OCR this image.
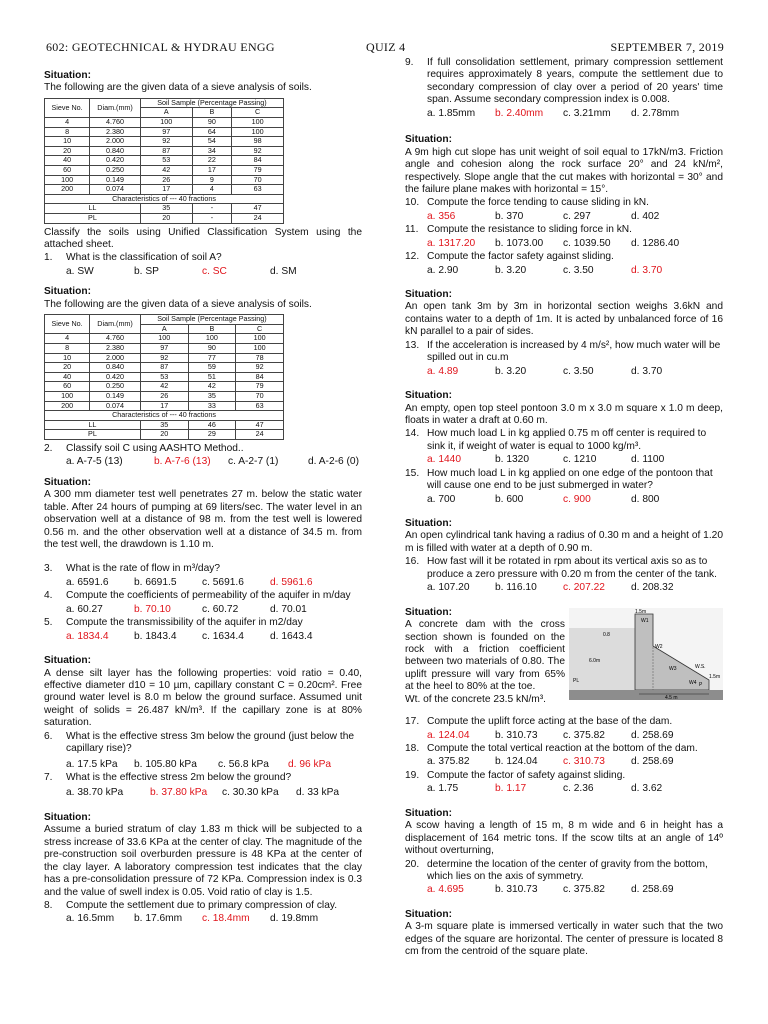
602: GEOTECHNICAL & HYDRAU ENGG	QUIZ 4	SEPTEMBER 7, 2019
Situation:
The following are the given data of a sieve analysis of soils.
Sieve No.	Diam.(mm)	Soil Sample (Percentage Passing)		
		A	B	C
4	4.760	100	90	100
8	2.380	97	64	100
10	2.000	92	54	98
20	0.840	87	34	92
40	0.420	53	22	84
60	0.250	42	17	79
100	0.149	26	9	70
200	0.074	17	4	63
Characteristics of --- 40 fractions				
LL		35	-	47
PL		20	-	24
Classify the soils using Unified Classification System using the attached sheet.
1.	What is the classification of soil A?
a. SW	b. SP	c. SC	d. SM
Situation:
The following are the given data of a sieve analysis of soils.
Sieve No.	Diam.(mm)	Soil Sample (Percentage Passing)		
		A	B	C
4	4.760	100	100	100
8	2.380	97	90	100
10	2.000	92	77	78
20	0.840	87	59	92
40	0.420	53	51	84
60	0.250	42	42	79
100	0.149	26	35	70
200	0.074	17	33	63
Characteristics of --- 40 fractions				
LL		35	46	47
PL		20	29	24
2.	Classify soil C using AASHTO Method..
a. A-7-5 (13)	b. A-7-6 (13)	c. A-2-7 (1)	d. A-2-6 (0)
Situation:
A 300 mm diameter test well penetrates 27 m. below the static water table. After 24 hours of pumping at 69 liters/sec. The water level in an observation well at a distance of 98 m. from the test well is lowered 0.56 m. and the other observation well at a distance of 34.5 m. from the test well, the drawdown is 1.10 m.
3.	What is the rate of flow in m³/day?
a. 6591.6	b. 6691.5	c. 5691.6	d. 5961.6
4.	Compute the coefficients of permeability of the aquifer in m/day
a. 60.27	b. 70.10	c. 60.72	d. 70.01
5.	Compute the transmissibility of the aquifer in m2/day
a. 1834.4	b. 1843.4	c. 1634.4	d. 1643.4
Situation:
A dense silt layer has the following properties: void ratio = 0.40, effective diameter d10 = 10 µm, capillary constant C = 0.20cm². Free ground water level is 8.0 m below the ground surface. Assumed unit weight of solids = 26.487 kN/m³. If the capillary zone is at 80% saturation.
6.	What is the effective stress 3m below the ground (just below the capillary rise)?
a. 17.5 kPa	b. 105.80 kPa	c. 56.8 kPa	d. 96 kPa
7.	What is the effective stress 2m below the ground?
a. 38.70 kPa	b. 37.80 kPa	c. 30.30 kPa	d. 33 kPa
Situation:
Assume a buried stratum of clay 1.83 m thick will be subjected to a stress increase of 33.6 KPa at the center of clay. The magnitude of the pre-construction soil overburden pressure is 48 KPa at the center of the clay layer. A laboratory compression test indicates that the clay has a pre-consolidation pressure of 72 KPa. Compression index is 0.3 and the value of swell index is 0.05. Void ratio of clay is 1.5.
8.	Compute the settlement due to primary compression of clay.
a. 16.5mm	b. 17.6mm	c. 18.4mm	d. 19.8mm
9.	If full consolidation settlement, primary compression settlement requires approximately 8 years, compute the settlement due to secondary compression of clay over a period of 20 years' time span. Assume secondary compression index is 0.008.
a. 1.85mm	b. 2.40mm	c. 3.21mm	d. 2.78mm
Situation:
A 9m high cut slope has unit weight of soil equal to 17kN/m3. Friction angle and cohesion along the rock surface 20° and 24 kN/m², respectively. Slope angle that the cut makes with horizontal = 30° and the failure plane makes with horizontal = 15°.
10. Compute the force tending to cause sliding in kN.
a. 356	b. 370	c. 297	d. 402
11. Compute the resistance to sliding force in kN.
a. 1317.20	b. 1073.00	c. 1039.50	d. 1286.40
12. Compute the factor safety against sliding.
a. 2.90	b. 3.20	c. 3.50	d. 3.70
Situation:
An open tank 3m by 3m in horizontal section weighs 3.6kN and contains water to a depth of 1m. It is acted by unbalanced force of 16 kN parallel to a pair of sides.
13. If the acceleration is increased by 4 m/s², how much water will be spilled out in cu.m
a. 4.89	b. 3.20	c. 3.50	d. 3.70
Situation:
An empty, open top steel pontoon 3.0 m x 3.0 m square x 1.0 m deep, floats in water a draft at 0.60 m.
14. How much load L in kg applied 0.75 m off center is required to sink it, if weight of water is equal to 1000 kg/m³.
a. 1440	b. 1320	c. 1210	d. 1100
15. How much load L in kg applied on one edge of the pontoon that will cause one end to be just submerged in water?
a. 700	b. 600	c. 900	d. 800
Situation:
An open cylindrical tank having a radius of 0.30 m and a height of 1.20 m is filled with water at a depth of 0.90 m.
16. How fast will it be rotated in rpm about its vertical axis so as to produce a zero pressure with 0.20 m from the center of the tank.
a. 107.20	b. 116.10	c. 207.22	d. 208.32
Situation:
A concrete dam with the cross section shown is founded on the rock with a friction coefficient between two materials of 0.80. The uplift pressure will vary from 65% at the heel to 80% at the toe.
Wt. of the concrete 23.5 kN/m³.
17. Compute the uplift force acting at the base of the dam.
a. 124.04	b. 310.73	c. 375.82	d. 258.69
18. Compute the total vertical reaction at the bottom of the dam.
a. 375.82	b. 124.04	c. 310.73	d. 258.69
19. Compute the factor of safety against sliding.
a. 1.75	b. 1.17	c. 2.36	d. 3.62
Situation:
A scow having a length of 15 m, 8 m wide and 6 in height has a displacement of 164 metric tons. If the scow tilts at an angle of 14º without overturning,
20. determine the location of the center of gravity from the bottom, which lies on the axis of symmetry.
a. 4.695	b. 310.73	c. 375.82	d. 258.69
Situation:
A 3-m square plate is immersed vertically in water such that the two edges of the square are horizontal. The center of pressure is located 8 cm from the centroid of the square plate.
1.5m
W1
W2
W3
W4
0.8
6.0m
1.5m
4.5 m
PL
P
W.S.
